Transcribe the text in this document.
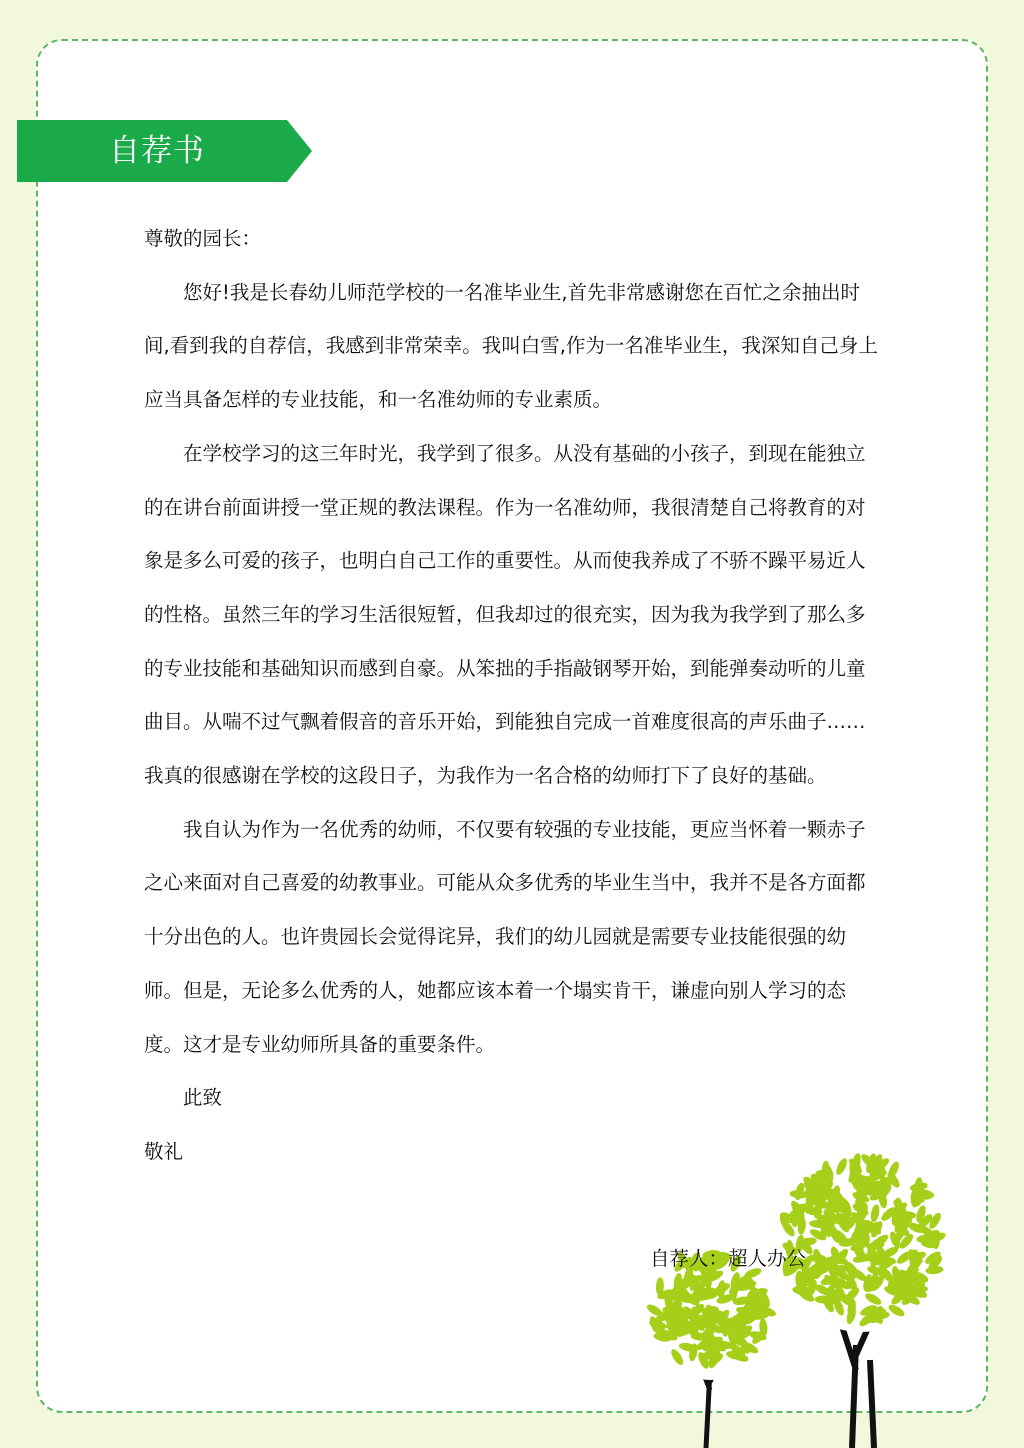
自荐书

尊敬的园长：

您好!我是长春幼儿师范学校的一名准毕业生,首先非常感谢您在百忙之余抽出时间,看到我的自荐信，我感到非常荣幸。我叫白雪,作为一名准毕业生，我深知自己身上应当具备怎样的专业技能，和一名准幼师的专业素质。

在学校学习的这三年时光，我学到了很多。从没有基础的小孩子，到现在能独立的在讲台前面讲授一堂正规的教法课程。作为一名准幼师，我很清楚自己将教育的对象是多么可爱的孩子，也明白自己工作的重要性。从而使我养成了不骄不躁平易近人的性格。虽然三年的学习生活很短暂，但我却过的很充实，因为我为我学到了那么多的专业技能和基础知识而感到自豪。从笨拙的手指敲钢琴开始，到能弹奏动听的儿童曲目。从喘不过气飘着假音的音乐开始，到能独自完成一首难度很高的声乐曲子……我真的很感谢在学校的这段日子，为我作为一名合格的幼师打下了良好的基础。

我自认为作为一名优秀的幼师，不仅要有较强的专业技能，更应当怀着一颗赤子之心来面对自己喜爱的幼教事业。可能从众多优秀的毕业生当中，我并不是各方面都十分出色的人。也许贵园长会觉得诧异，我们的幼儿园就是需要专业技能很强的幼师。但是，无论多么优秀的人，她都应该本着一个塌实肯干，谦虚向别人学习的态度。这才是专业幼师所具备的重要条件。

此致

敬礼

自荐人：超人办公
